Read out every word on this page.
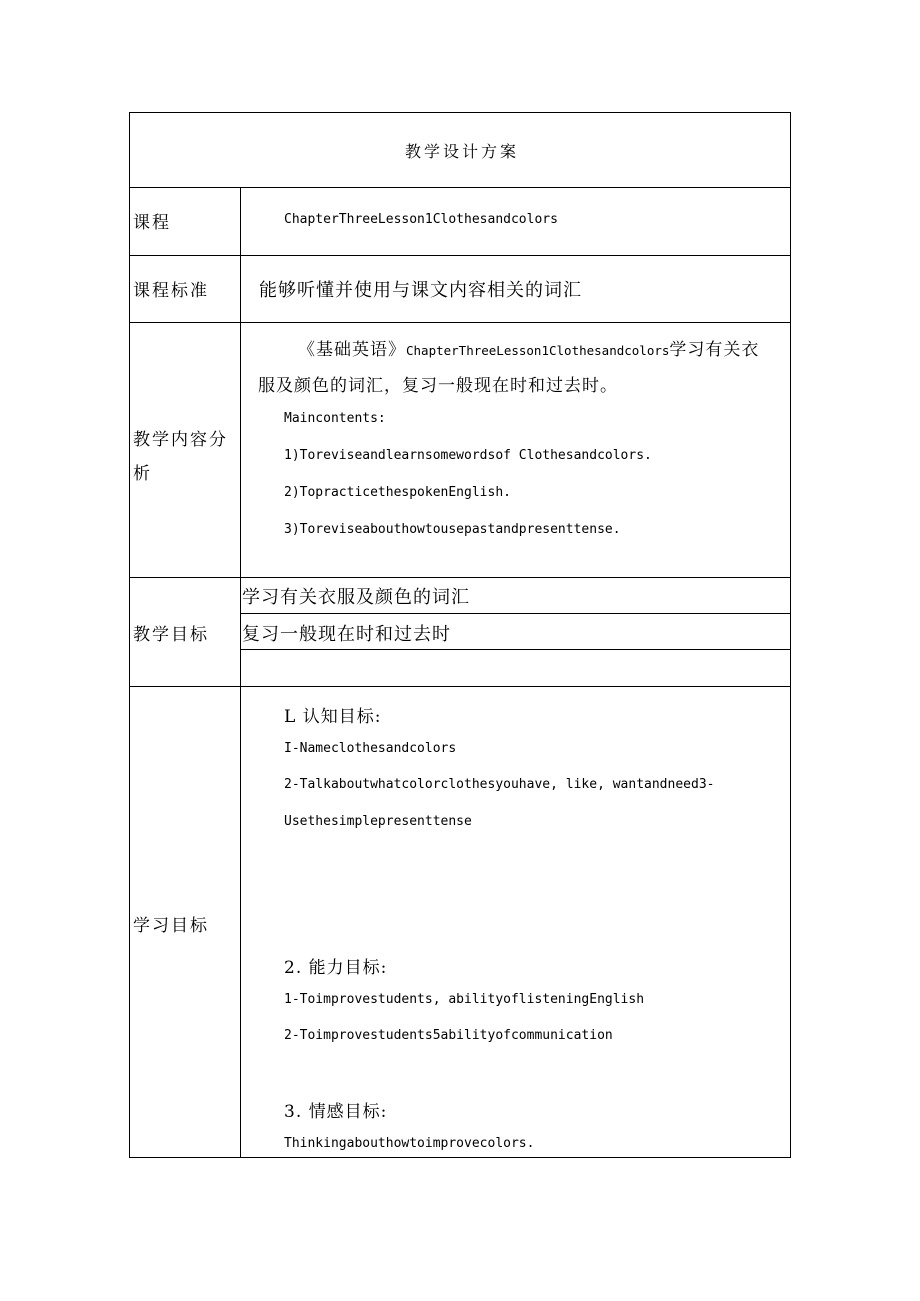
教学设计方案
课程	ChapterThreeLesson1Clothesandcolors
课程标准	能够听懂并使用与课文内容相关的词汇
教学内容分
析
《基础英语》ChapterThreeLesson1Clothesandcolors学习有关衣
服及颜色的词汇，复习一般现在时和过去时。
Maincontents:
1)Toreviseandlearnsomewordsof Clothesandcolors.
2)TopracticethespokenEnglish.
3)Toreviseabouthowtousepastandpresenttense.
教学目标
学习有关衣服及颜色的词汇
复习一般现在时和过去时
学习目标
L 认知目标:
I-Nameclothesandcolors
2-Talkaboutwhatcolorclothesyouhave, like, wantandneed3-
Usethesimplepresenttense
2. 能力目标:
1-Toimprovestudents, abilityoflisteningEnglish
2-Toimprovestudents5abilityofcommunication
3. 情感目标:
Thinkingabouthowtoimprovecolors.
